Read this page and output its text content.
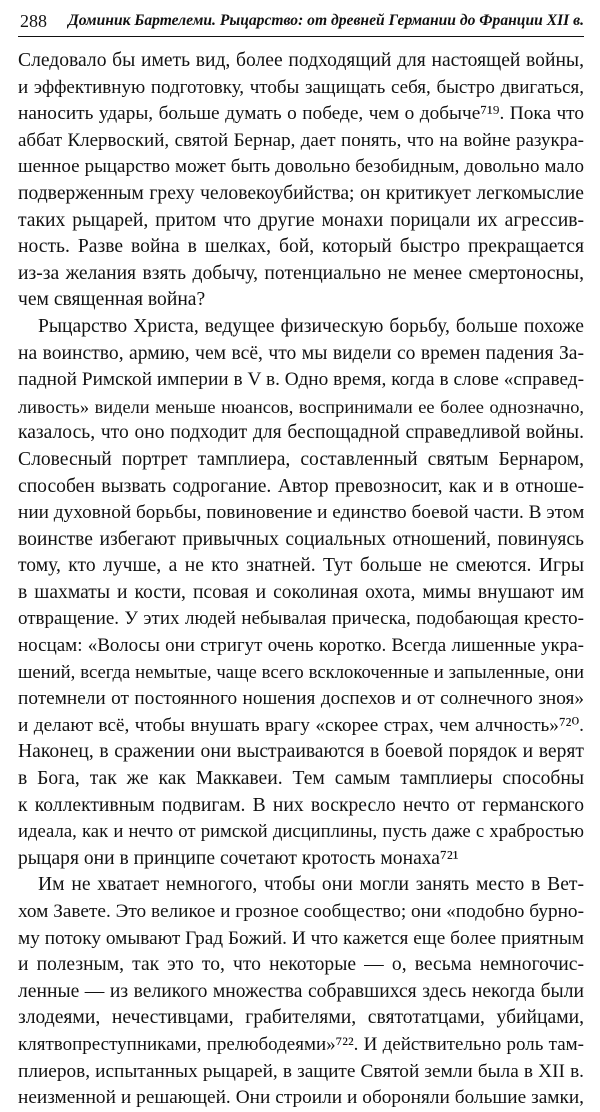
288 Доминик Бартелеми. Рыцарство: от древней Германии до Франции XII в.
Следовало бы иметь вид, более подходящий для настоящей войны,
и эффективную подготовку, чтобы защищать себя, быстро двигаться,
наносить удары, больше думать о победе, чем о добыче⁷¹⁹. Пока что
аббат Клервоский, святой Бернар, дает понять, что на войне разукра-
шенное рыцарство может быть довольно безобидным, довольно мало
подверженным греху человекоубийства; он критикует легкомыслие
таких рыцарей, притом что другие монахи порицали их агрессив-
ность. Разве война в шелках, бой, который быстро прекращается
из-за желания взять добычу, потенциально не менее смертоносны,
чем священная война?
Рыцарство Христа, ведущее физическую борьбу, больше похоже
на воинство, армию, чем всё, что мы видели со времен падения За-
падной Римской империи в V в. Одно время, когда в слове «справед-
ливость» видели меньше нюансов, воспринимали ее более однозначно,
казалось, что оно подходит для беспощадной справедливой войны.
Словесный портрет тамплиера, составленный святым Бернаром,
способен вызвать содрогание. Автор превозносит, как и в отноше-
нии духовной борьбы, повиновение и единство боевой части. В этом
воинстве избегают привычных социальных отношений, повинуясь
тому, кто лучше, а не кто знатней. Тут больше не смеются. Игры
в шахматы и кости, псовая и соколиная охота, мимы внушают им
отвращение. У этих людей небывалая прическа, подобающая кресто-
носцам: «Волосы они стригут очень коротко. Всегда лишенные укра-
шений, всегда немытые, чаще всего всклокоченные и запыленные, они
потемнели от постоянного ношения доспехов и от солнечного зноя»
и делают всё, чтобы внушать врагу «скорее страх, чем алчность»⁷²⁰.
Наконец, в сражении они выстраиваются в боевой порядок и верят
в Бога, так же как Маккавеи. Тем самым тамплиеры способны
к коллективным подвигам. В них воскресло нечто от германского
идеала, как и нечто от римской дисциплины, пусть даже с храбростью
рыцаря они в принципе сочетают кротость монаха⁷²¹
Им не хватает немногого, чтобы они могли занять место в Вет-
хом Завете. Это великое и грозное сообщество; они «подобно бурно-
му потоку омывают Град Божий. И что кажется еще более приятным
и полезным, так это то, что некоторые — о, весьма немногочис-
ленные — из великого множества собравшихся здесь некогда были
злодеями, нечестивцами, грабителями, святотатцами, убийцами,
клятвопреступниками, прелюбодеями»⁷²². И действительно роль там-
плиеров, испытанных рыцарей, в защите Святой земли была в XII в.
неизменной и решающей. Они строили и обороняли большие замки,
